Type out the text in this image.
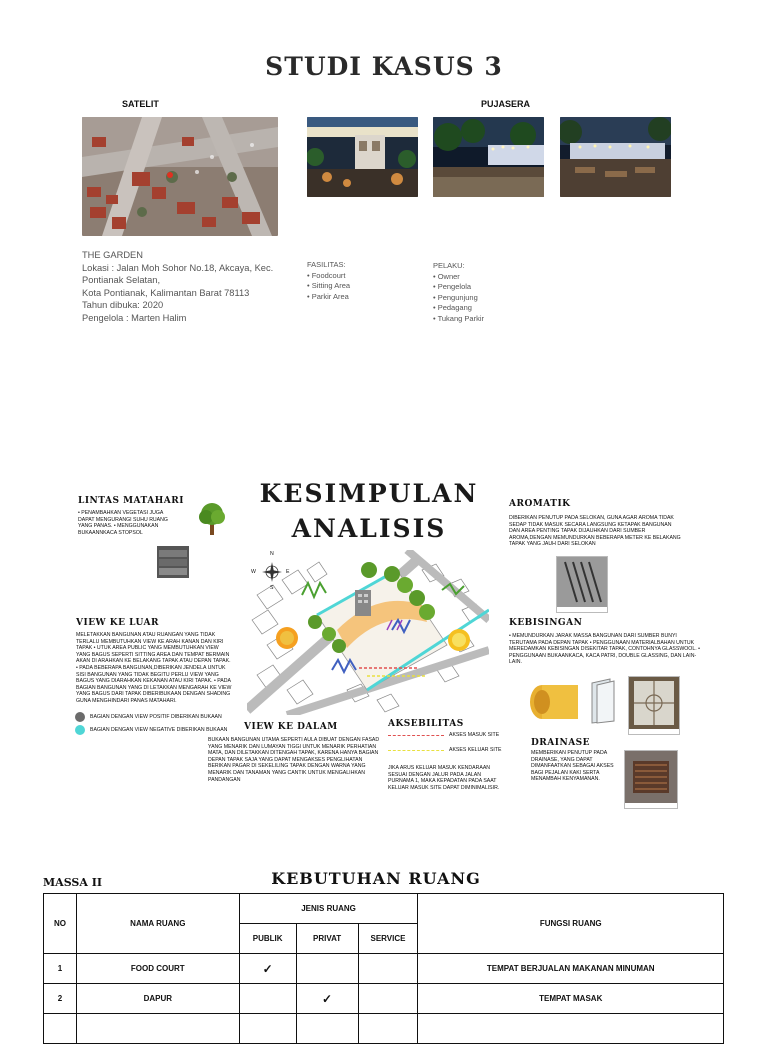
STUDI KASUS 3
SATELIT	PUJASERA
THE GARDEN
Lokasi : Jalan Moh Sohor No.18, Akcaya, Kec.
Pontianak Selatan,
Kota Pontianak, Kalimantan Barat 78113
Tahun dibuka: 2020
Pengelola : Marten Halim
FASILITAS:
• Foodcourt
• Sitting Area
• Parkir Area
PELAKU:
• Owner
• Pengelola
• Pengunjung
• Pedagang
• Tukang Parkir
KESIMPULAN
ANALISIS
LINTAS MATAHARI
• PENAMBAHKAN VEGETASI JUGA DAPAT MENGURANGI SUHU RUANG YANG PANAS. • MENGGUNAKAN BUKAANNKACA STOPSOL
VIEW KE LUAR
MELETAKKAN BANGUNAN ATAU RUANGAN YANG TIDAK TERLALU MEMBUTUHKAN VIEW KE ARAH KANAN DAN KIRI TAPAK • UTUK AREA PUBLIC YANG MEMBUTUHKAN VIEW YANG BAGUS SEPERTI SITTING AREA DAN TEMPAT BERMAIN AKAN DI ARAHKAN KE BELAKANG TAPAK ATAU DEPAN TAPAK. • PADA BEBERAPA BANGUNAN,DIBERIKAN JENDELA UNTUK SISI BANGUNAN YANG TIDAK BEGITU PERLU VIEW YANG BAGUS YANG DIARAHKAN KEKANAN ATAU KIRI TAPAK. • PADA BAGIAN BANGUNAN YANG DI LETAKKAN MENGARAH KE VIEW YANG BAGUS DARI TAPAK DIBERIBUKAAN DENGAN SHADING GUNA MENGHINDARI PANAS MATAHARI.
BAGIAN DENGAN VIEW POSITIF DIBERIKAN BUKAAN
BAGIAN DENGAN VIEW NEGATIVE DIBERIKAN BUKAAN
N
W	E
S
VIEW KE DALAM
BUKAAN BANGUNAN UTAMA SEPERTI AULA DIBUAT DENGAN FASAD YANG MENARIK DAN LUMAYAN TIGGI UNTUK MENARIK PERHATIAN MATA, DAN DILETAKKAN DITENGAH TAPAK, KARENA HANYA BAGIAN DEPAN TAPAK SAJA YANG DAPAT MENGAKSES PENGLIHATAN BERIKAN PAGAR DI SEKELILING TAPAK DENGAN WARNA YANG MENARIK DAN TANAMAN YANG CANTIK UNTUK MENGALIHKAN PANDANGAN
AKSEBILITAS
AKSES MASUK SITE
AKSES KELUAR SITE
JIKA ARUS KELUAR MASUK KENDARAAN SESUAI DENGAN JALUR PADA JALAN PURNAMA 1, MAKA KEPADATAN PADA SAAT KELUAR MASUK SITE DAPAT DIMINIMALISIR.
AROMATIK
DIBERIKAN PENUTUP PADA SELOKAN, GUNA AGAR AROMA TIDAK SEDAP TIDAK MASUK SECARA LANGSUNG KETAPAK BANGUNAN DAN AREA PENTING TAPAK DIJAUHKAN DARI SUMBER AROMA,DENGAN MEMUNDURKAN BEBERAPA METER KE BELAKANG TAPAK YANG JAUH DARI SELOKAN
KEBISINGAN
• MEMUNDURKAN JARAK MASSA BANGUNAN DARI SUMBER BUNYI TERUTAMA PADA DEPAN TAPAK • PENGGUNAAN MATERIALBAHAN UNTUK MEREDAMKAN KEBISINGAN DISEKITAR TAPAK, CONTOHNYA GLASSWOOL. • PENGGUNAAN BUKAANKACA, KACA PATRI, DOUBLE GLASSING, DAN LAIN-LAIN.
DRAINASE
MEMBERIKAN PENUTUP PADA DRAINASE, YANG DAPAT DIMANFAATKAN SEBAGAI AKSES BAGI PEJALAN KAKI SERTA MENAMBAH KENYAMANAN.
KEBUTUHAN RUANG
MASSA II
NO	NAMA RUANG	JENIS RUANG			FUNGSI RUANG
		PUBLIK	PRIVAT	SERVICE	
1	FOOD COURT	✓			TEMPAT BERJUALAN MAKANAN MINUMAN
2	DAPUR		✓		TEMPAT MASAK
